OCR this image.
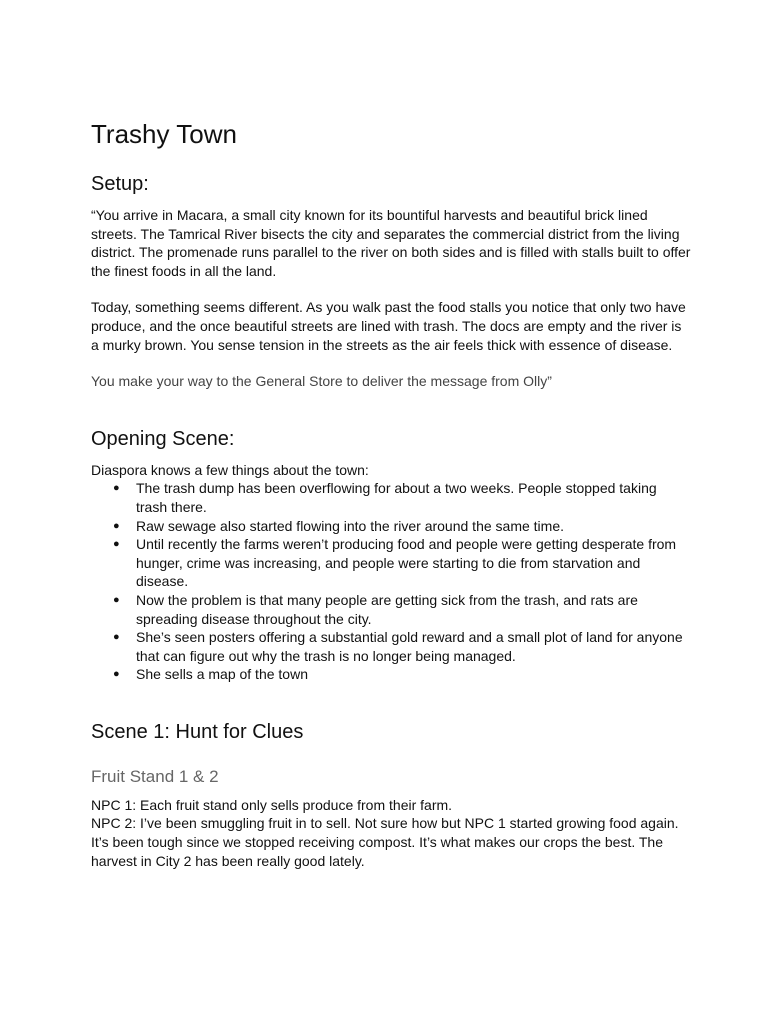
Trashy Town
Setup:

“You arrive in Macara, a small city known for its bountiful harvests and beautiful brick lined streets. The Tamrical River bisects the city and separates the commercial district from the living district. The promenade runs parallel to the river on both sides and is filled with stalls built to offer the finest foods in all the land.

Today, something seems different. As you walk past the food stalls you notice that only two have produce, and the once beautiful streets are lined with trash. The docs are empty and the river is a murky brown. You sense tension in the streets as the air feels thick with essence of disease.

You make your way to the General Store to deliver the message from Olly”

Opening Scene:

Diaspora knows a few things about the town:

● The trash dump has been overflowing for about a two weeks. People stopped taking trash there.
● Raw sewage also started flowing into the river around the same time.
● Until recently the farms weren’t producing food and people were getting desperate from hunger, crime was increasing, and people were starting to die from starvation and disease.
● Now the problem is that many people are getting sick from the trash, and rats are spreading disease throughout the city.
● She’s seen posters offering a substantial gold reward and a small plot of land for anyone that can figure out why the trash is no longer being managed.
● She sells a map of the town
Scene 1: Hunt for Clues
Fruit Stand 1 & 2

NPC 1: Each fruit stand only sells produce from their farm.

NPC 2: I’ve been smuggling fruit in to sell. Not sure how but NPC 1 started growing food again. It’s been tough since we stopped receiving compost. It’s what makes our crops the best. The harvest in City 2 has been really good lately.
